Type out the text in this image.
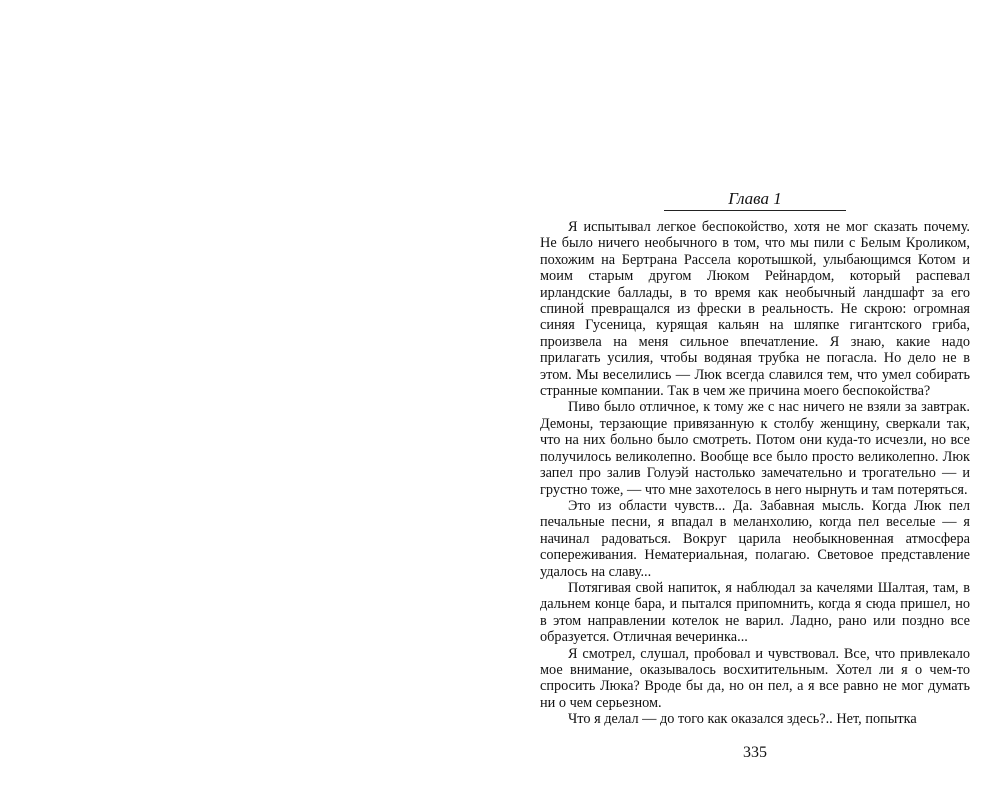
Глава 1

Я испытывал легкое беспокойство, хотя не мог сказать почему. Не было ничего необычного в том, что мы пили с Белым Кроликом, похожим на Бертрана Рассела коротышкой, улыбающимся Котом и моим старым другом Люком Рейнардом, который распевал ирландские баллады, в то время как необычный ландшафт за его спиной превращался из фрески в реальность. Не скрою: огромная синяя Гусеница, курящая кальян на шляпке гигантского гриба, произвела на меня сильное впечатление. Я знаю, какие надо прилагать усилия, чтобы водяная трубка не погасла. Но дело не в этом. Мы веселились — Люк всегда славился тем, что умел собирать странные компании. Так в чем же причина моего беспокойства?

Пиво было отличное, к тому же с нас ничего не взяли за завтрак. Демоны, терзающие привязанную к столбу женщину, сверкали так, что на них больно было смотреть. Потом они куда-то исчезли, но все получилось великолепно. Вообще все было просто великолепно. Люк запел про залив Голуэй настолько замечательно и трогательно — и грустно тоже, — что мне захотелось в него нырнуть и там потеряться.

Это из области чувств... Да. Забавная мысль. Когда Люк пел печальные песни, я впадал в меланхолию, когда пел веселые — я начинал радоваться. Вокруг царила необыкновенная атмосфера сопереживания. Нематериальная, полагаю. Световое представление удалось на славу...

Потягивая свой напиток, я наблюдал за качелями Шалтая, там, в дальнем конце бара, и пытался припомнить, когда я сюда пришел, но в этом направлении котелок не варил. Ладно, рано или поздно все образуется. Отличная вечеринка...

Я смотрел, слушал, пробовал и чувствовал. Все, что привлекало мое внимание, оказывалось восхитительным. Хотел ли я о чем-то спросить Люка? Вроде бы да, но он пел, а я все равно не мог думать ни о чем серьезном.

Что я делал — до того как оказался здесь?.. Нет, попытка

335
